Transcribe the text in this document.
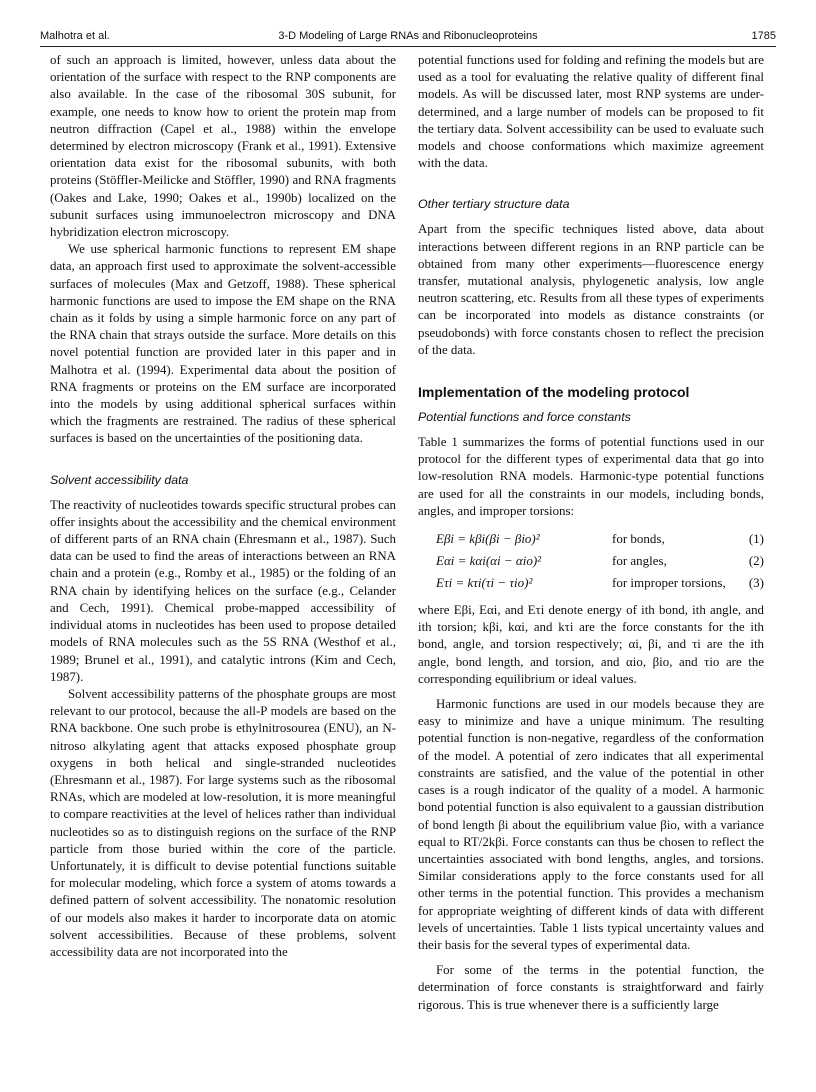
Malhotra et al.	3-D Modeling of Large RNAs and Ribonucleoproteins	1785

of such an approach is limited, however, unless data about the orientation of the surface with respect to the RNP components are also available. In the case of the ribosomal 30S subunit, for example, one needs to know how to orient the protein map from neutron diffraction (Capel et al., 1988) within the envelope determined by electron microscopy (Frank et al., 1991). Extensive orientation data exist for the ribosomal subunits, with both proteins (Stöffler-Meilicke and Stöffler, 1990) and RNA fragments (Oakes and Lake, 1990; Oakes et al., 1990b) localized on the subunit surfaces using immunoelectron microscopy and DNA hybridization electron microscopy.

We use spherical harmonic functions to represent EM shape data, an approach first used to approximate the solvent-accessible surfaces of molecules (Max and Getzoff, 1988). These spherical harmonic functions are used to impose the EM shape on the RNA chain as it folds by using a simple harmonic force on any part of the RNA chain that strays outside the surface. More details on this novel potential function are provided later in this paper and in Malhotra et al. (1994). Experimental data about the position of RNA fragments or proteins on the EM surface are incorporated into the models by using additional spherical surfaces within which the fragments are restrained. The radius of these spherical surfaces is based on the uncertainties of the positioning data.

Solvent accessibility data

The reactivity of nucleotides towards specific structural probes can offer insights about the accessibility and the chemical environment of different parts of an RNA chain (Ehresmann et al., 1987). Such data can be used to find the areas of interactions between an RNA chain and a protein (e.g., Romby et al., 1985) or the folding of an RNA chain by identifying helices on the surface (e.g., Celander and Cech, 1991). Chemical probe-mapped accessibility of individual atoms in nucleotides has been used to propose detailed models of RNA molecules such as the 5S RNA (Westhof et al., 1989; Brunel et al., 1991), and catalytic introns (Kim and Cech, 1987).

Solvent accessibility patterns of the phosphate groups are most relevant to our protocol, because the all-P models are based on the RNA backbone. One such probe is ethylnitrosourea (ENU), an N-nitroso alkylating agent that attacks exposed phosphate group oxygens in both helical and single-stranded nucleotides (Ehresmann et al., 1987). For large systems such as the ribosomal RNAs, which are modeled at low-resolution, it is more meaningful to compare reactivities at the level of helices rather than individual nucleotides so as to distinguish regions on the surface of the RNP particle from those buried within the core of the particle. Unfortunately, it is difficult to devise potential functions suitable for molecular modeling, which force a system of atoms towards a defined pattern of solvent accessibility. The nonatomic resolution of our models also makes it harder to incorporate data on atomic solvent accessibilities. Because of these problems, solvent accessibility data are not incorporated into the

potential functions used for folding and refining the models but are used as a tool for evaluating the relative quality of different final models. As will be discussed later, most RNP systems are under-determined, and a large number of models can be proposed to fit the tertiary data. Solvent accessibility can be used to evaluate such models and choose conformations which maximize agreement with the data.

Other tertiary structure data

Apart from the specific techniques listed above, data about interactions between different regions in an RNP particle can be obtained from many other experiments—fluorescence energy transfer, mutational analysis, phylogenetic analysis, low angle neutron scattering, etc. Results from all these types of experiments can be incorporated into models as distance constraints (or pseudobonds) with force constants chosen to reflect the precision of the data.

Implementation of the modeling protocol
Potential functions and force constants

Table 1 summarizes the forms of potential functions used in our protocol for the different types of experimental data that go into low-resolution RNA models. Harmonic-type potential functions are used for all the constraints in our models, including bonds, angles, and improper torsions:

Eβi = kβi(βi − βio)²	for bonds,	(1)
Eαi = kαi(αi − αio)²	for angles,	(2)
Eτi = kτi(τi − τio)²	for improper torsions, (3)

where Eβi, Eαi, and Eτi denote energy of ith bond, ith angle, and ith torsion; kβi, kαi, and kτi are the force constants for the ith bond, angle, and torsion respectively; αi, βi, and τi are the ith angle, bond length, and torsion, and αio, βio, and τio are the corresponding equilibrium or ideal values.

Harmonic functions are used in our models because they are easy to minimize and have a unique minimum. The resulting potential function is non-negative, regardless of the conformation of the model. A potential of zero indicates that all experimental constraints are satisfied, and the value of the potential in other cases is a rough indicator of the quality of a model. A harmonic bond potential function is also equivalent to a gaussian distribution of bond length βi about the equilibrium value βio, with a variance equal to RT/2kβi. Force constants can thus be chosen to reflect the uncertainties associated with bond lengths, angles, and torsions. Similar considerations apply to the force constants used for all other terms in the potential function. This provides a mechanism for appropriate weighting of different kinds of data with different levels of uncertainties. Table 1 lists typical uncertainty values and their basis for the several types of experimental data.

For some of the terms in the potential function, the determination of force constants is straightforward and fairly rigorous. This is true whenever there is a sufficiently large
